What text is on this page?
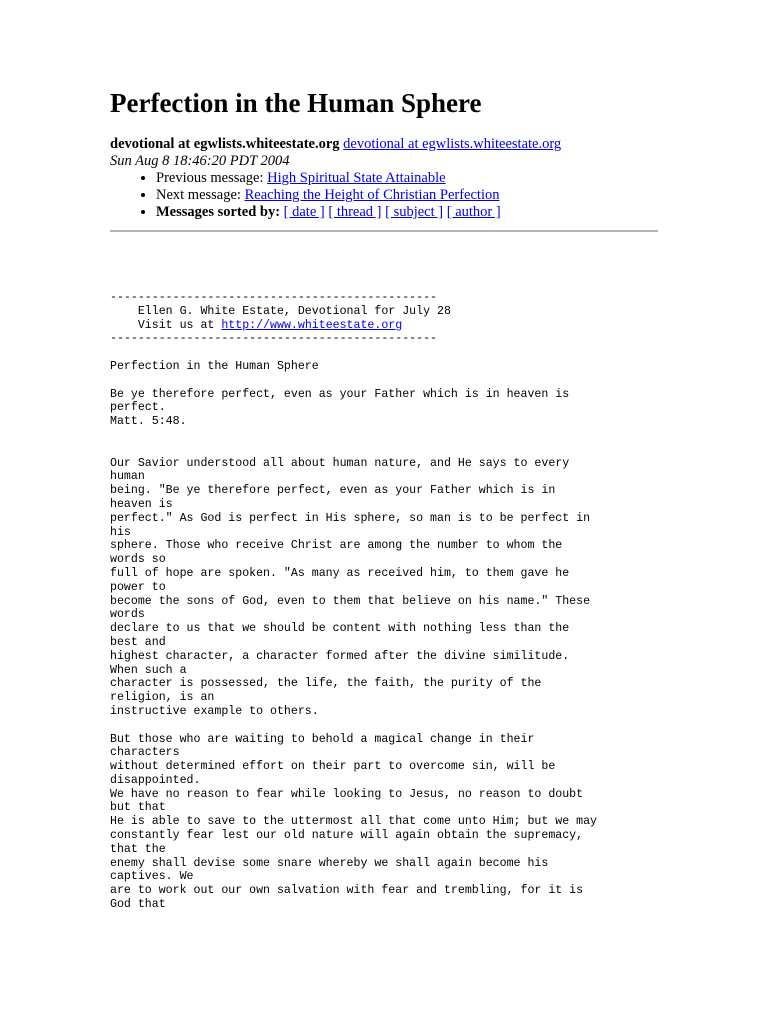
Perfection in the Human Sphere
devotional at egwlists.whiteestate.org devotional at egwlists.whiteestate.org
Sun Aug 8 18:46:20 PDT 2004
• Previous message: High Spiritual State Attainable
• Next message: Reaching the Height of Christian Perfection
• Messages sorted by: [ date ] [ thread ] [ subject ] [ author ]
-----------------------------------------------
Ellen G. White Estate, Devotional for July 28
Visit us at http://www.whiteestate.org
-----------------------------------------------

Perfection in the Human Sphere

Be ye therefore perfect, even as your Father which is in heaven is
perfect.
Matt. 5:48.

Our Savior understood all about human nature, and He says to every
human
being. "Be ye therefore perfect, even as your Father which is in
heaven is
perfect." As God is perfect in His sphere, so man is to be perfect in
his
sphere. Those who receive Christ are among the number to whom the
words so
full of hope are spoken. "As many as received him, to them gave he
power to
become the sons of God, even to them that believe on his name." These
words
declare to us that we should be content with nothing less than the
best and
highest character, a character formed after the divine similitude.
When such a
character is possessed, the life, the faith, the purity of the
religion, is an
instructive example to others.

But those who are waiting to behold a magical change in their
characters
without determined effort on their part to overcome sin, will be
disappointed.
We have no reason to fear while looking to Jesus, no reason to doubt
but that
He is able to save to the uttermost all that come unto Him; but we may
constantly fear lest our old nature will again obtain the supremacy,
that the
enemy shall devise some snare whereby we shall again become his
captives. We
are to work out our own salvation with fear and trembling, for it is
God that
